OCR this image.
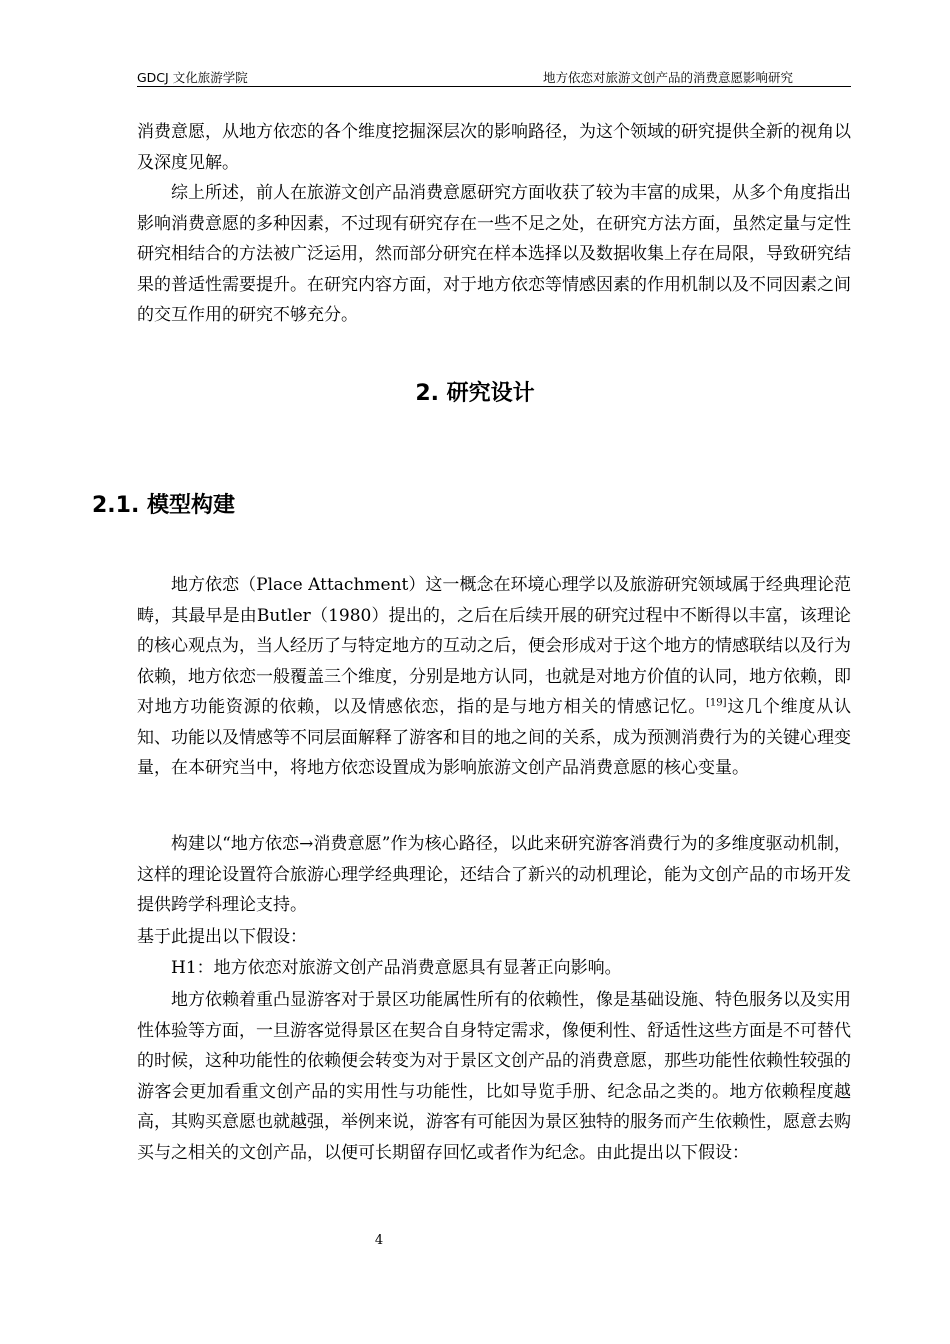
GDCJ 文化旅游学院	地方依恋对旅游文创产品的消费意愿影响研究

消费意愿，从地方依恋的各个维度挖掘深层次的影响路径，为这个领域的研究提供全新的视角以及深度见解。

综上所述，前人在旅游文创产品消费意愿研究方面收获了较为丰富的成果，从多个角度指出影响消费意愿的多种因素，不过现有研究存在一些不足之处，在研究方法方面，虽然定量与定性研究相结合的方法被广泛运用，然而部分研究在样本选择以及数据收集上存在局限，导致研究结果的普适性需要提升。在研究内容方面，对于地方依恋等情感因素的作用机制以及不同因素之间的交互作用的研究不够充分。

2. 研究设计
2.1. 模型构建

地方依恋（Place Attachment）这一概念在环境心理学以及旅游研究领域属于经典理论范畴，其最早是由Butler（1980）提出的，之后在后续开展的研究过程中不断得以丰富，该理论的核心观点为，当人经历了与特定地方的互动之后，便会形成对于这个地方的情感联结以及行为依赖，地方依恋一般覆盖三个维度，分别是地方认同，也就是对地方价值的认同，地方依赖，即对地方功能资源的依赖，以及情感依恋，指的是与地方相关的情感记忆。[19]这几个维度从认知、功能以及情感等不同层面解释了游客和目的地之间的关系，成为预测消费行为的关键心理变量，在本研究当中，将地方依恋设置成为影响旅游文创产品消费意愿的核心变量。

构建以“地方依恋→消费意愿”作为核心路径，以此来研究游客消费行为的多维度驱动机制，这样的理论设置符合旅游心理学经典理论，还结合了新兴的动机理论，能为文创产品的市场开发提供跨学科理论支持。

基于此提出以下假设：

H1：地方依恋对旅游文创产品消费意愿具有显著正向影响。

地方依赖着重凸显游客对于景区功能属性所有的依赖性，像是基础设施、特色服务以及实用性体验等方面，一旦游客觉得景区在契合自身特定需求，像便利性、舒适性这些方面是不可替代的时候，这种功能性的依赖便会转变为对于景区文创产品的消费意愿，那些功能性依赖性较强的游客会更加看重文创产品的实用性与功能性，比如导览手册、纪念品之类的。地方依赖程度越高，其购买意愿也就越强，举例来说，游客有可能因为景区独特的服务而产生依赖性，愿意去购买与之相关的文创产品，以便可长期留存回忆或者作为纪念。由此提出以下假设：

4
